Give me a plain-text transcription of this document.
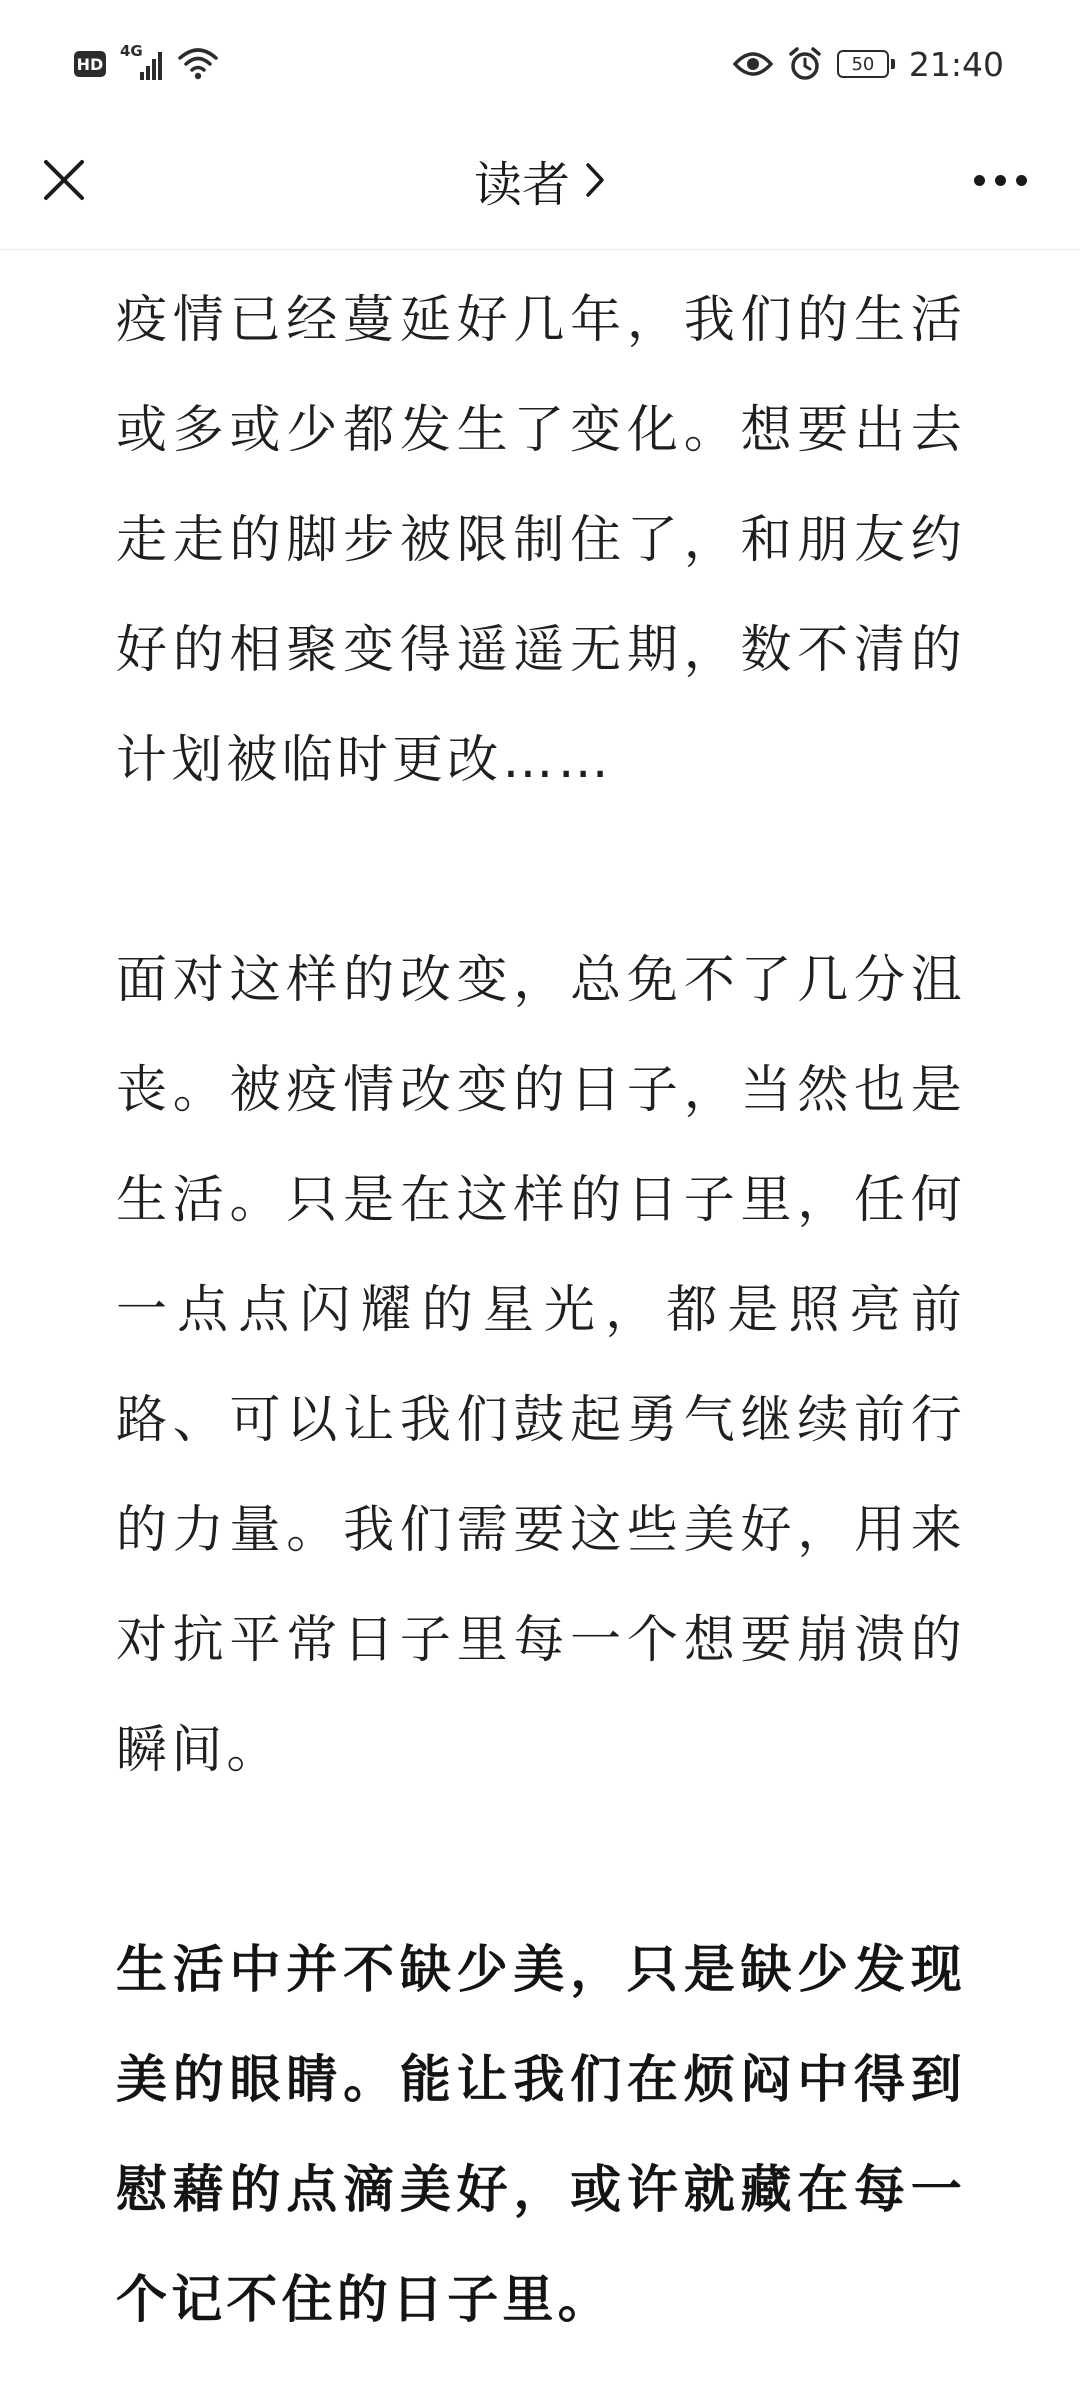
HD
4G
50 21:40
读者

疫情已经蔓延好几年，我们的生活或多或少都发生了变化。想要出去走走的脚步被限制住了，和朋友约好的相聚变得遥遥无期，数不清的计划被临时更改……

面对这样的改变，总免不了几分沮丧。被疫情改变的日子，当然也是生活。只是在这样的日子里，任何一点点闪耀的星光，都是照亮前路、可以让我们鼓起勇气继续前行的力量。我们需要这些美好，用来对抗平常日子里每一个想要崩溃的瞬间。

生活中并不缺少美，只是缺少发现美的眼睛。能让我们在烦闷中得到慰藉的点滴美好，或许就藏在每一个记不住的日子里。
